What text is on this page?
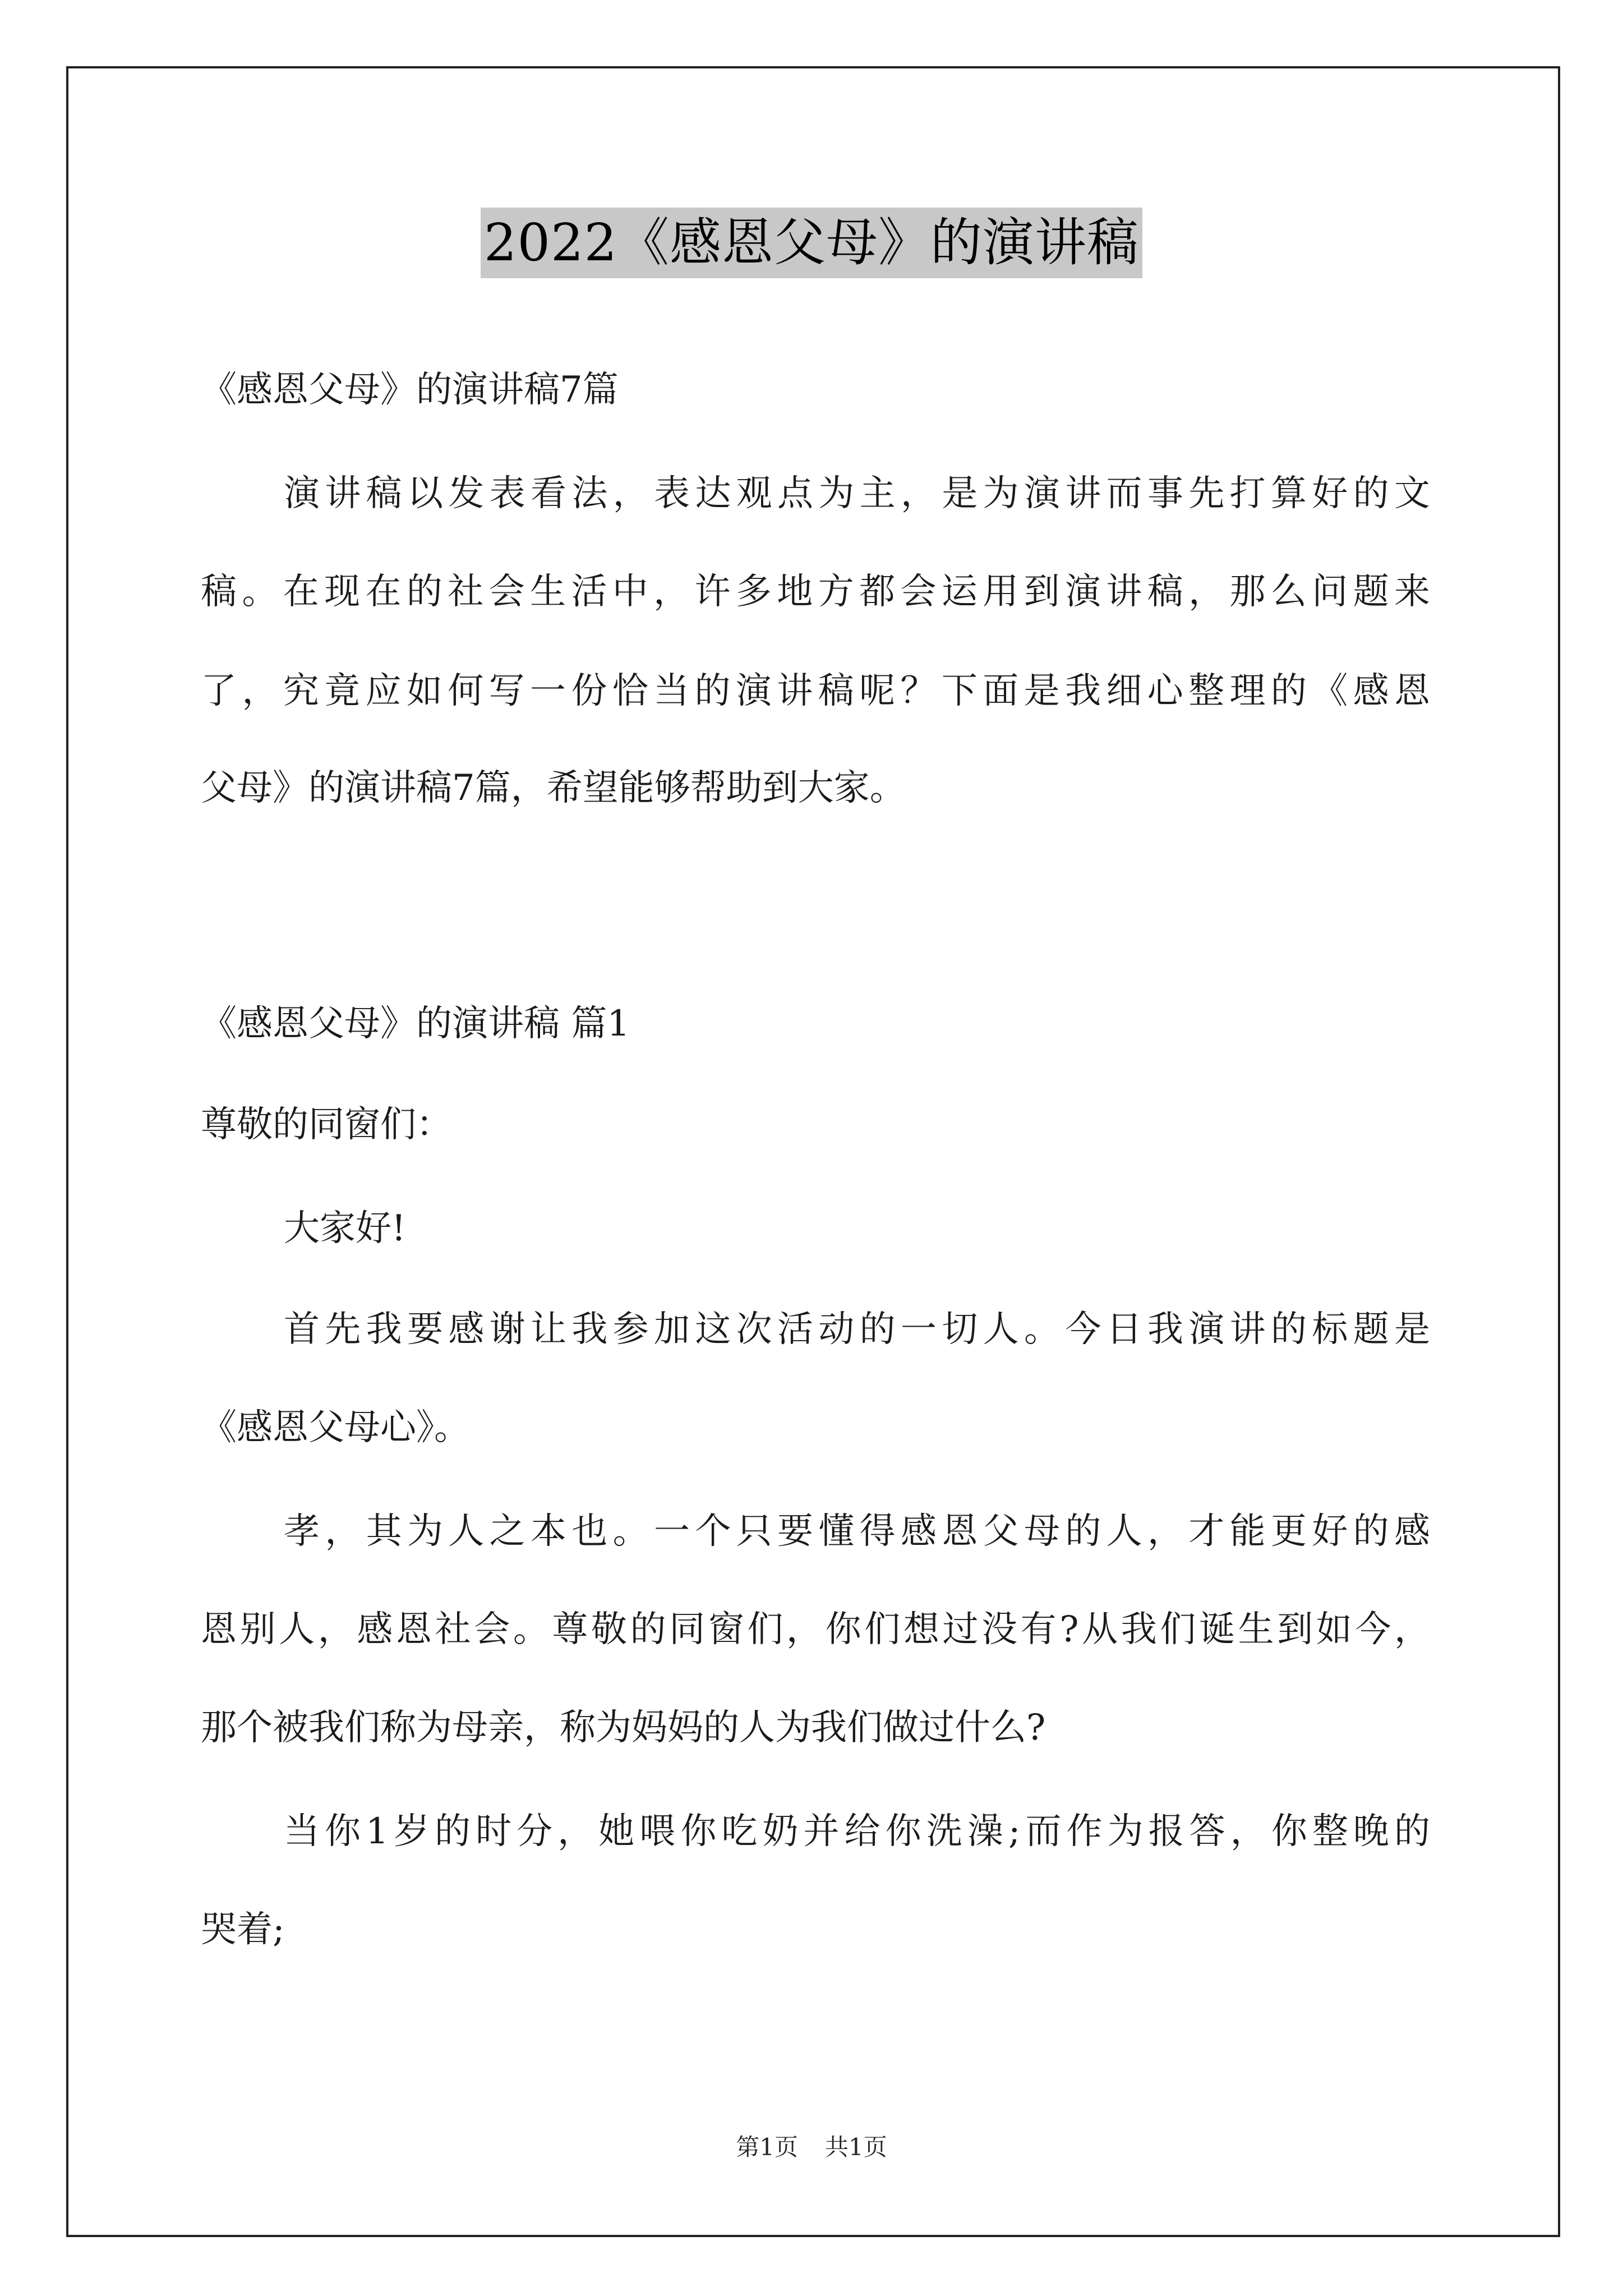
2022《感恩父母》的演讲稿
《感恩父母》的演讲稿7篇
演讲稿以发表看法，表达观点为主，是为演讲而事先打算好的文
稿。在现在的社会生活中，许多地方都会运用到演讲稿，那么问题来
了，究竟应如何写一份恰当的演讲稿呢？下面是我细心整理的《感恩
父母》的演讲稿7篇，希望能够帮助到大家。
《感恩父母》的演讲稿 篇1
尊敬的同窗们：
大家好!
首先我要感谢让我参加这次活动的一切人。今日我演讲的标题是
《感恩父母心》。
孝，其为人之本也。一个只要懂得感恩父母的人，才能更好的感
恩别人，感恩社会。尊敬的同窗们，你们想过没有?从我们诞生到如今，
那个被我们称为母亲，称为妈妈的人为我们做过什么?
当你1岁的时分，她喂你吃奶并给你洗澡;而作为报答，你整晚的
哭着;
第1页 共1页
